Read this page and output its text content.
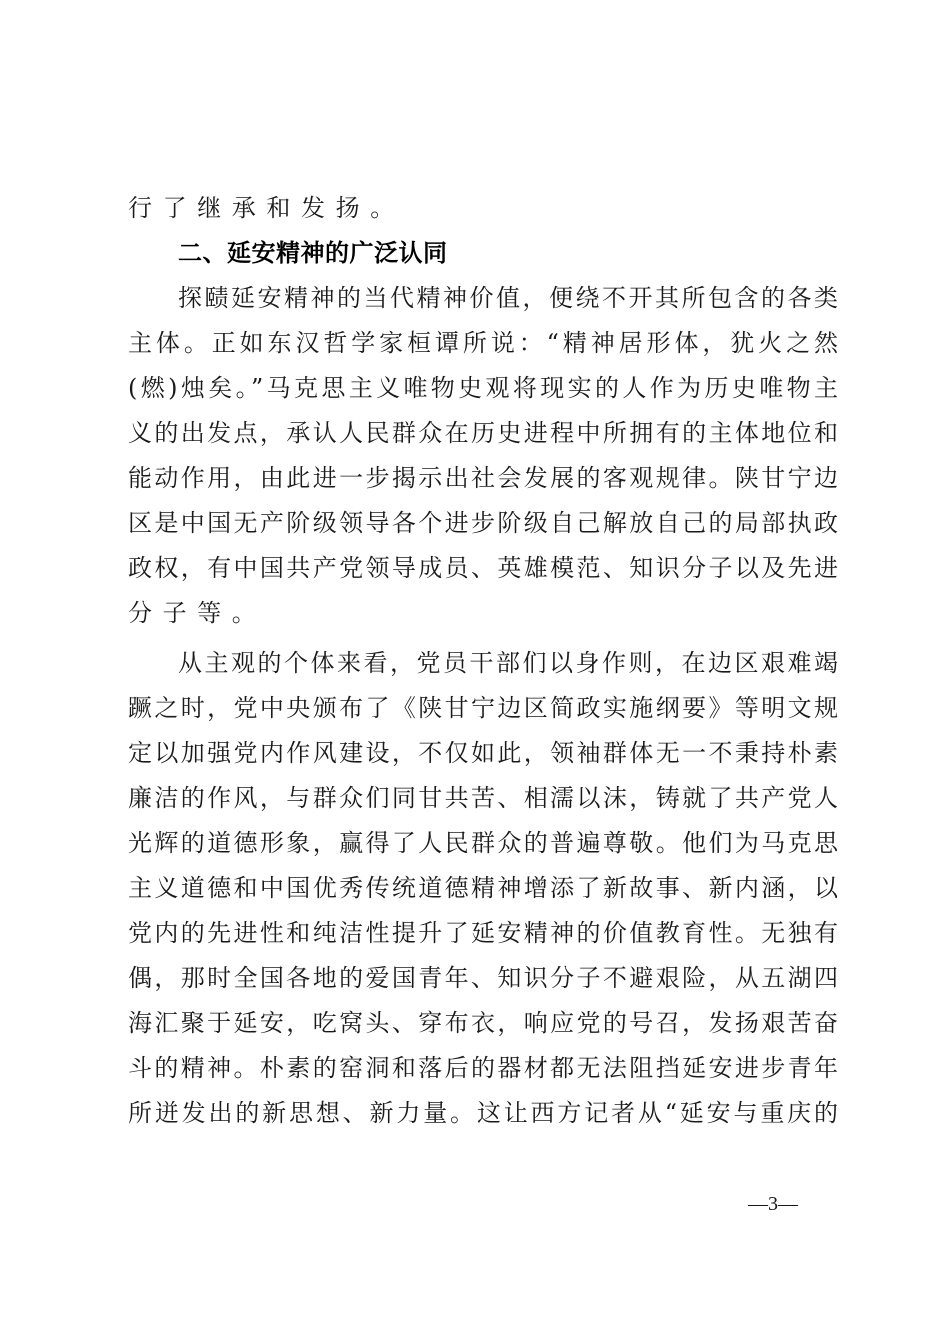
行了继承和发扬。
二、延安精神的广泛认同
探赜延安精神的当代精神价值，便绕不开其所包含的各类
主体。正如东汉哲学家桓谭所说：“精神居形体，犹火之然
(燃)烛矣。”马克思主义唯物史观将现实的人作为历史唯物主
义的出发点，承认人民群众在历史进程中所拥有的主体地位和
能动作用，由此进一步揭示出社会发展的客观规律。陕甘宁边
区是中国无产阶级领导各个进步阶级自己解放自己的局部执政
政权，有中国共产党领导成员、英雄模范、知识分子以及先进
分子等。
从主观的个体来看，党员干部们以身作则，在边区艰难竭
蹶之时，党中央颁布了《陕甘宁边区简政实施纲要》等明文规
定以加强党内作风建设，不仅如此，领袖群体无一不秉持朴素
廉洁的作风，与群众们同甘共苦、相濡以沫，铸就了共产党人
光辉的道德形象，赢得了人民群众的普遍尊敬。他们为马克思
主义道德和中国优秀传统道德精神增添了新故事、新内涵，以
党内的先进性和纯洁性提升了延安精神的价值教育性。无独有
偶，那时全国各地的爱国青年、知识分子不避艰险，从五湖四
海汇聚于延安，吃窝头、穿布衣，响应党的号召，发扬艰苦奋
斗的精神。朴素的窑洞和落后的器材都无法阻挡延安进步青年
所迸发出的新思想、新力量。这让西方记者从“延安与重庆的
—3—
